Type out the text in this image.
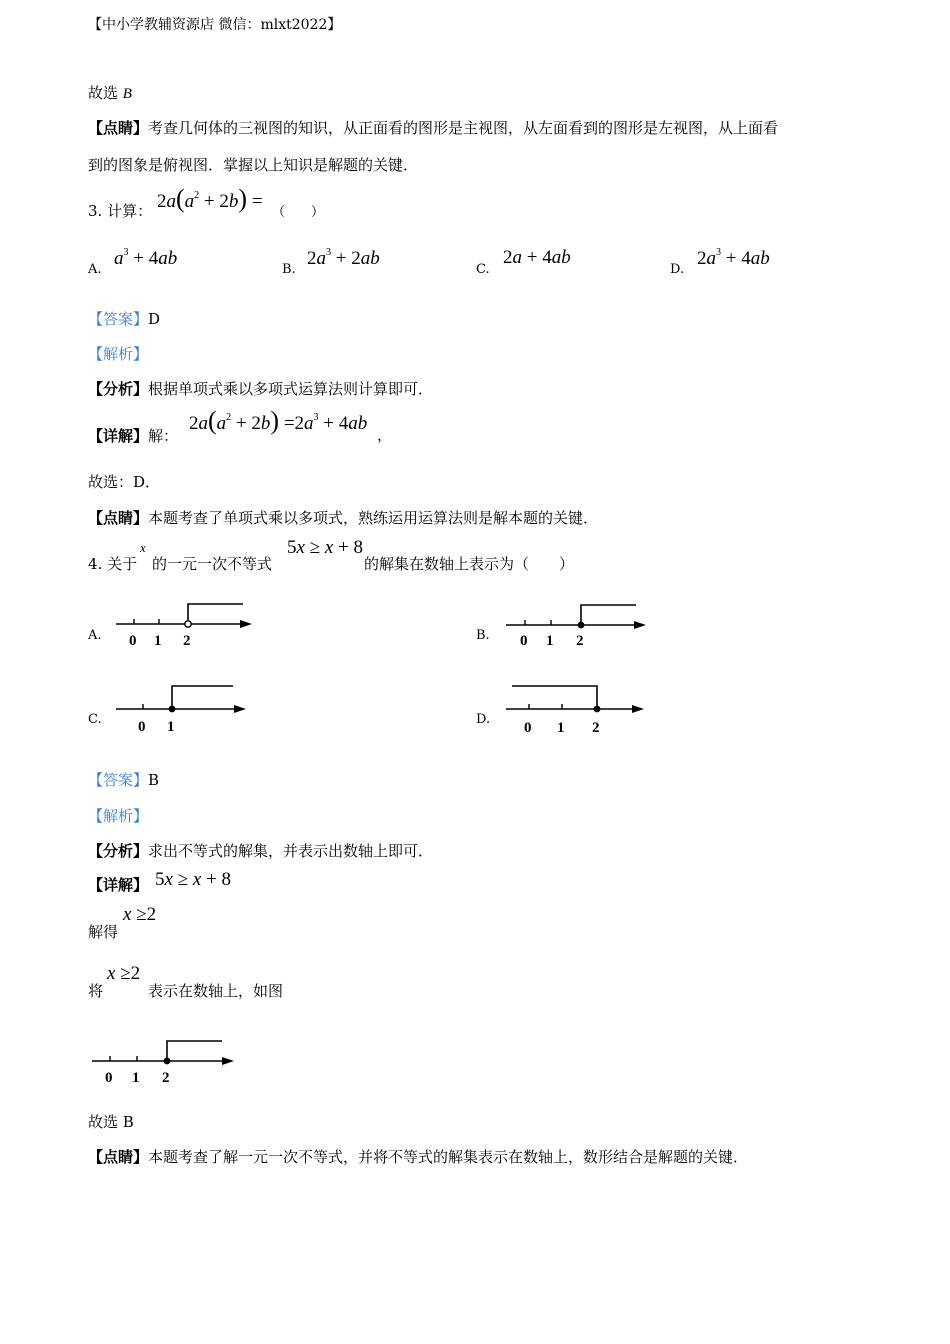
【中小学教辅资源店 微信：mlxt2022】
故选 B
【点睛】考查几何体的三视图的知识，从正面看的图形是主视图，从左面看到的图形是左视图，从上面看
到的图象是俯视图．掌握以上知识是解题的关键．
3. 计算： $2a(a^2 + 2b)$ =
（　　）
A.
$a^3 + 4ab$
B.
$2a^3 + 2ab$
C.
2a + 4ab
D.
$2a^3 + 4ab$
【答案】D
【解析】
【分析】根据单项式乘以多项式运算法则计算即可．
【详解】解：
$2a(a^2 + 2b) =2a^3 + 4ab$
，
故选：D．
【点睛】本题考查了单项式乘以多项式，熟练运用运算法则是解本题的关键．
4. 关于
x
的一元一次不等式
5x ≥ x + 8
的解集在数轴上表示为（　　）
A. 0 1 2	B. 0 1 2
C. 0 1	D.
0 1 2
【答案】B
【解析】
【分析】求出不等式的解集，并表示出数轴上即可．
【详解】 5x ≥ x + 8
解得
x ≥2
将
x ≥2
表示在数轴上，如图
0 1 2
故选 B
【点睛】本题考查了解一元一次不等式，并将不等式的解集表示在数轴上，数形结合是解题的关键．
